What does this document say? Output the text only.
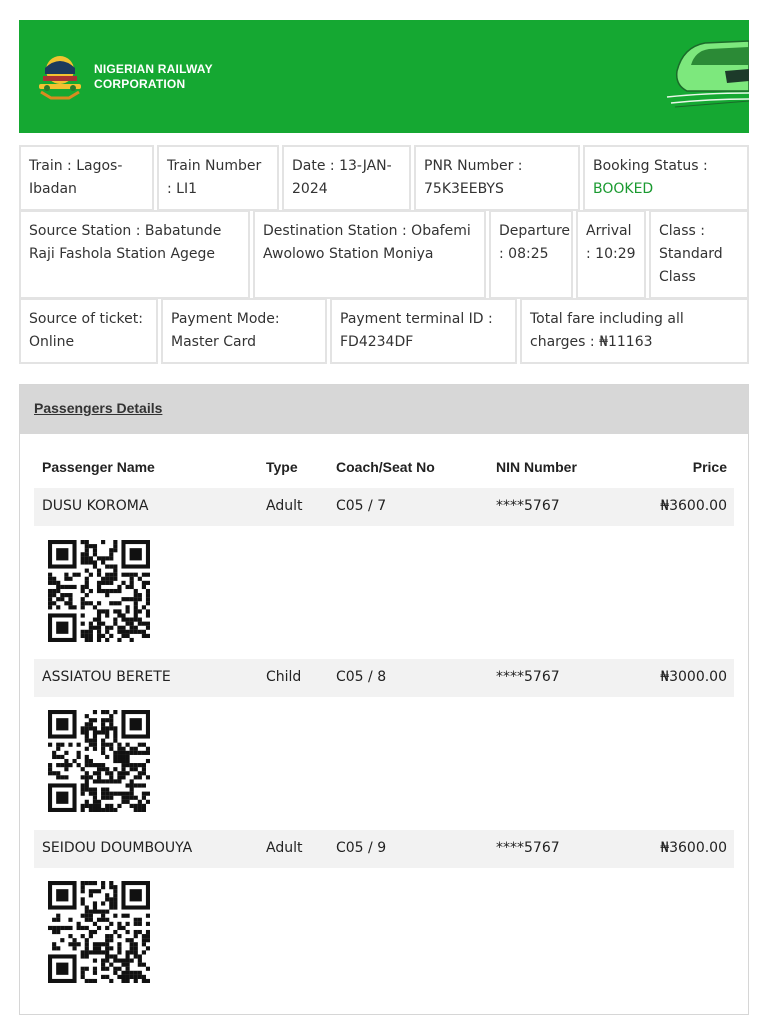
NIGERIAN RAILWAY
CORPORATION
Train : Lagos-Ibadan
Train Number : LI1
Date : 13-JAN-2024
PNR Number : 75K3EEBYS
Booking Status :
BOOKED
Source Station : Babatunde Raji Fashola Station Agege
Destination Station : Obafemi Awolowo Station Moniya
Departure : 08:25
Arrival : 10:29
Class : Standard Class
Source of ticket: Online
Payment Mode: Master Card
Payment terminal ID : FD4234DF
Total fare including all charges : ₦11163
Passengers Details
Passenger Name	Type	Coach/Seat No	NIN Number	Price
DUSU KOROMA	Adult C05 / 7	****5767	₦3600.00
ASSIATOU BERETE	Child C05 / 8	****5767	₦3000.00
SEIDOU DOUMBOUYA	Adult C05 / 9	****5767	₦3600.00
